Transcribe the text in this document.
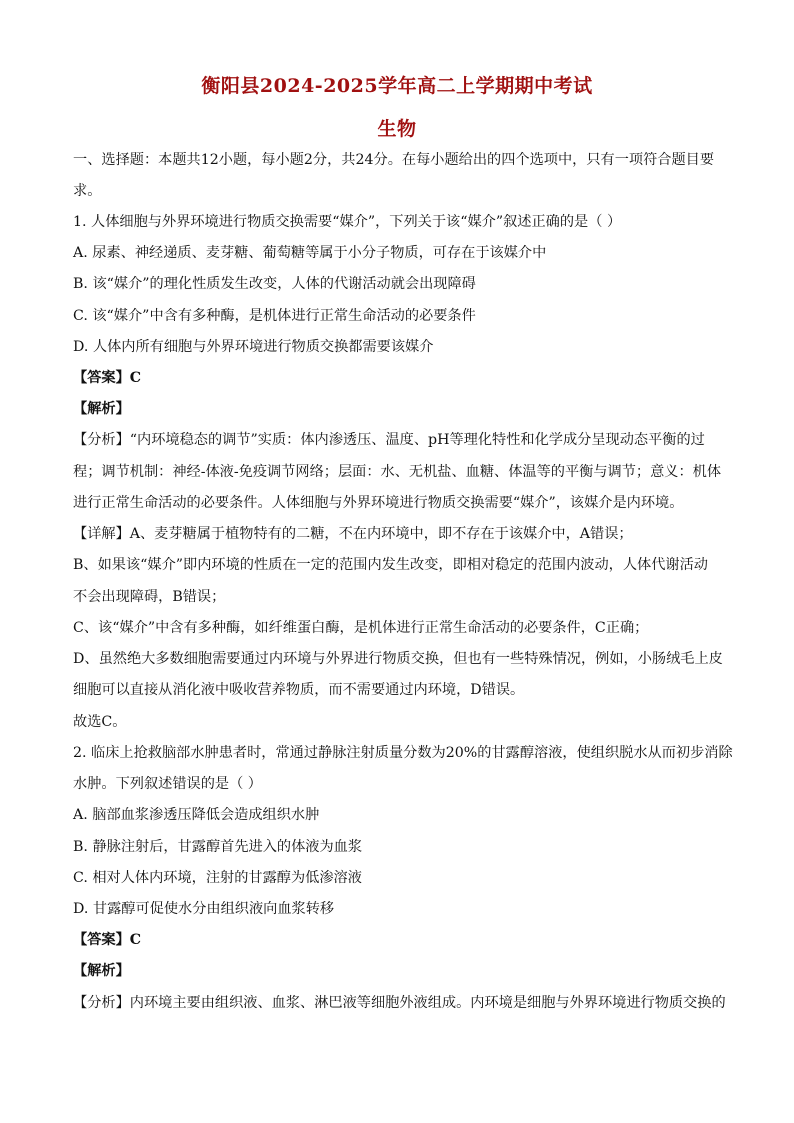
衡阳县2024-2025学年高二上学期期中考试
生物
一、选择题：本题共12小题，每小题2分，共24分。在每小题给出的四个选项中，只有一项符合题目要
求。
1. 人体细胞与外界环境进行物质交换需要“媒介”，下列关于该“媒介”叙述正确的是（ ）
A. 尿素、神经递质、麦芽糖、葡萄糖等属于小分子物质，可存在于该媒介中
B. 该“媒介”的理化性质发生改变，人体的代谢活动就会出现障碍
C. 该“媒介”中含有多种酶，是机体进行正常生命活动的必要条件
D. 人体内所有细胞与外界环境进行物质交换都需要该媒介
【答案】C
【解析】
【分析】“内环境稳态的调节”实质：体内渗透压、温度、pH等理化特性和化学成分呈现动态平衡的过
程；调节机制：神经-体液-免疫调节网络；层面：水、无机盐、血糖、体温等的平衡与调节；意义：机体
进行正常生命活动的必要条件。人体细胞与外界环境进行物质交换需要“媒介”，该媒介是内环境。
【详解】A、麦芽糖属于植物特有的二糖，不在内环境中，即不存在于该媒介中，A错误；
B、如果该“媒介”即内环境的性质在一定的范围内发生改变，即相对稳定的范围内波动，人体代谢活动
不会出现障碍，B错误；
C、该“媒介”中含有多种酶，如纤维蛋白酶，是机体进行正常生命活动的必要条件，C正确；
D、虽然绝大多数细胞需要通过内环境与外界进行物质交换，但也有一些特殊情况，例如，小肠绒毛上皮
细胞可以直接从消化液中吸收营养物质，而不需要通过内环境，D错误。
故选C。
2. 临床上抢救脑部水肿患者时，常通过静脉注射质量分数为20%的甘露醇溶液，使组织脱水从而初步消除
水肿。下列叙述错误的是（ ）
A. 脑部血浆渗透压降低会造成组织水肿
B. 静脉注射后，甘露醇首先进入的体液为血浆
C. 相对人体内环境，注射的甘露醇为低渗溶液
D. 甘露醇可促使水分由组织液向血浆转移
【答案】C
【解析】
【分析】内环境主要由组织液、血浆、淋巴液等细胞外液组成。内环境是细胞与外界环境进行物质交换的
